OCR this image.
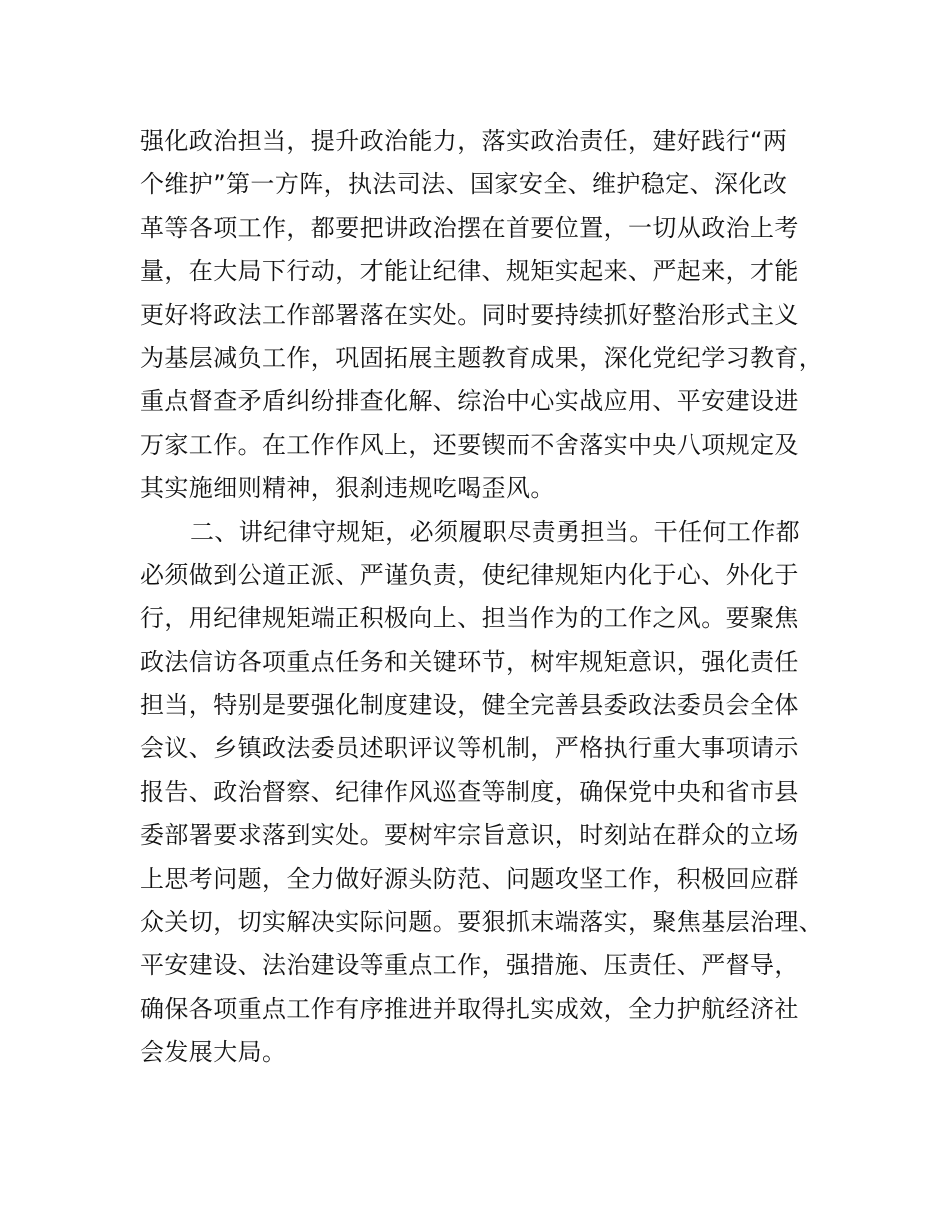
强化政治担当，提升政治能力，落实政治责任，建好践行“两
个维护”第一方阵，执法司法、国家安全、维护稳定、深化改
革等各项工作，都要把讲政治摆在首要位置，一切从政治上考
量，在大局下行动，才能让纪律、规矩实起来、严起来，才能
更好将政法工作部署落在实处。同时要持续抓好整治形式主义
为基层减负工作，巩固拓展主题教育成果，深化党纪学习教育，
重点督查矛盾纠纷排查化解、综治中心实战应用、平安建设进
万家工作。在工作作风上，还要锲而不舍落实中央八项规定及
其实施细则精神，狠刹违规吃喝歪风。
二、讲纪律守规矩，必须履职尽责勇担当。干任何工作都
必须做到公道正派、严谨负责，使纪律规矩内化于心、外化于
行，用纪律规矩端正积极向上、担当作为的工作之风。要聚焦
政法信访各项重点任务和关键环节，树牢规矩意识，强化责任
担当，特别是要强化制度建设，健全完善县委政法委员会全体
会议、乡镇政法委员述职评议等机制，严格执行重大事项请示
报告、政治督察、纪律作风巡查等制度，确保党中央和省市县
委部署要求落到实处。要树牢宗旨意识，时刻站在群众的立场
上思考问题，全力做好源头防范、问题攻坚工作，积极回应群
众关切，切实解决实际问题。要狠抓末端落实，聚焦基层治理、
平安建设、法治建设等重点工作，强措施、压责任、严督导，
确保各项重点工作有序推进并取得扎实成效，全力护航经济社
会发展大局。
